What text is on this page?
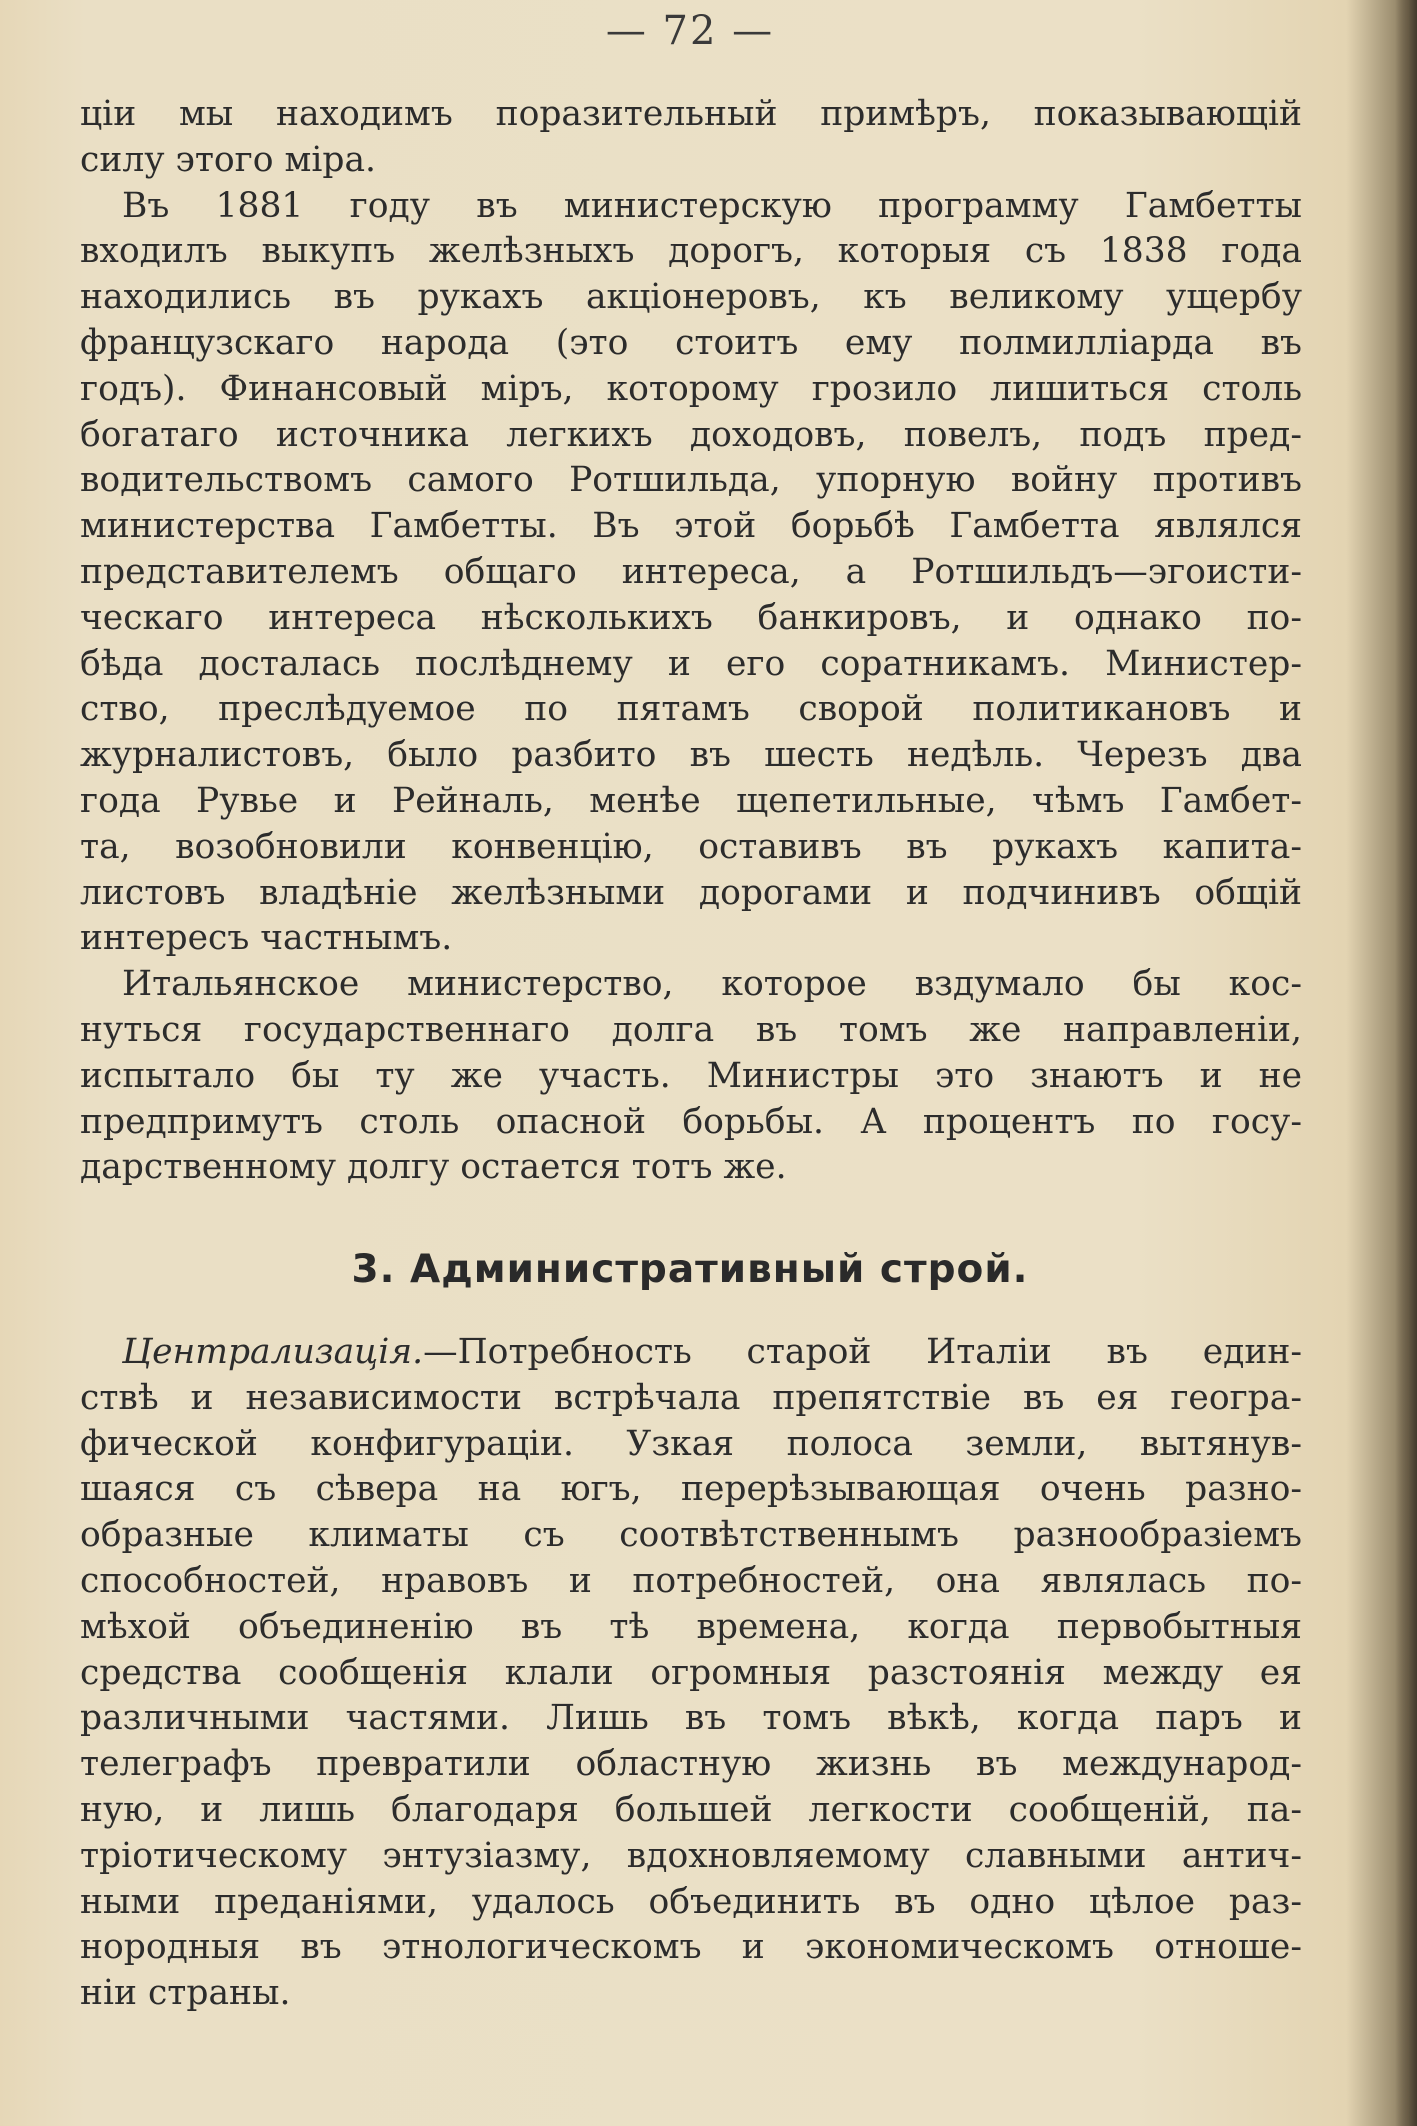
— 72 —
ціи мы находимъ поразительный примѣръ, показывающій
силу этого міра.
Въ 1881 году въ министерскую программу Гамбетты
входилъ выкупъ желѣзныхъ дорогъ, которыя съ 1838 года
находились въ рукахъ акціонеровъ, къ великому ущербу
французскаго народа (это стоитъ ему полмилліарда въ
годъ). Финансовый міръ, которому грозило лишиться столь
богатаго источника легкихъ доходовъ, повелъ, подъ пред-
водительствомъ самого Ротшильда, упорную войну противъ
министерства Гамбетты. Въ этой борьбѣ Гамбетта являлся
представителемъ общаго интереса, а Ротшильдъ—эгоисти-
ческаго интереса нѣсколькихъ банкировъ, и однако по-
бѣда досталась послѣднему и его соратникамъ. Министер-
ство, преслѣдуемое по пятамъ сворой политикановъ и
журналистовъ, было разбито въ шесть недѣль. Черезъ два
года Рувье и Рейналь, менѣе щепетильные, чѣмъ Гамбет-
та, возобновили конвенцію, оставивъ въ рукахъ капита-
листовъ владѣніе желѣзными дорогами и подчинивъ общій
интересъ частнымъ.
Итальянское министерство, которое вздумало бы кос-
нуться государственнаго долга въ томъ же направленіи,
испытало бы ту же участь. Министры это знаютъ и не
предпримутъ столь опасной борьбы. А процентъ по госу-
дарственному долгу остается тотъ же.
3. Административный строй.
Централизація.—Потребность старой Италіи въ един-
ствѣ и независимости встрѣчала препятствіе въ ея геогра-
фической конфигураціи. Узкая полоса земли, вытянув-
шаяся съ сѣвера на югъ, перерѣзывающая очень разно-
образные климаты съ соотвѣтственнымъ разнообразіемъ
способностей, нравовъ и потребностей, она являлась по-
мѣхой объединенію въ тѣ времена, когда первобытныя
средства сообщенія клали огромныя разстоянія между ея
различными частями. Лишь въ томъ вѣкѣ, когда паръ и
телеграфъ превратили областную жизнь въ международ-
ную, и лишь благодаря большей легкости сообщеній, па-
тріотическому энтузіазму, вдохновляемому славными антич-
ными преданіями, удалось объединить въ одно цѣлое раз-
нородныя въ этнологическомъ и экономическомъ отноше-
ніи страны.
